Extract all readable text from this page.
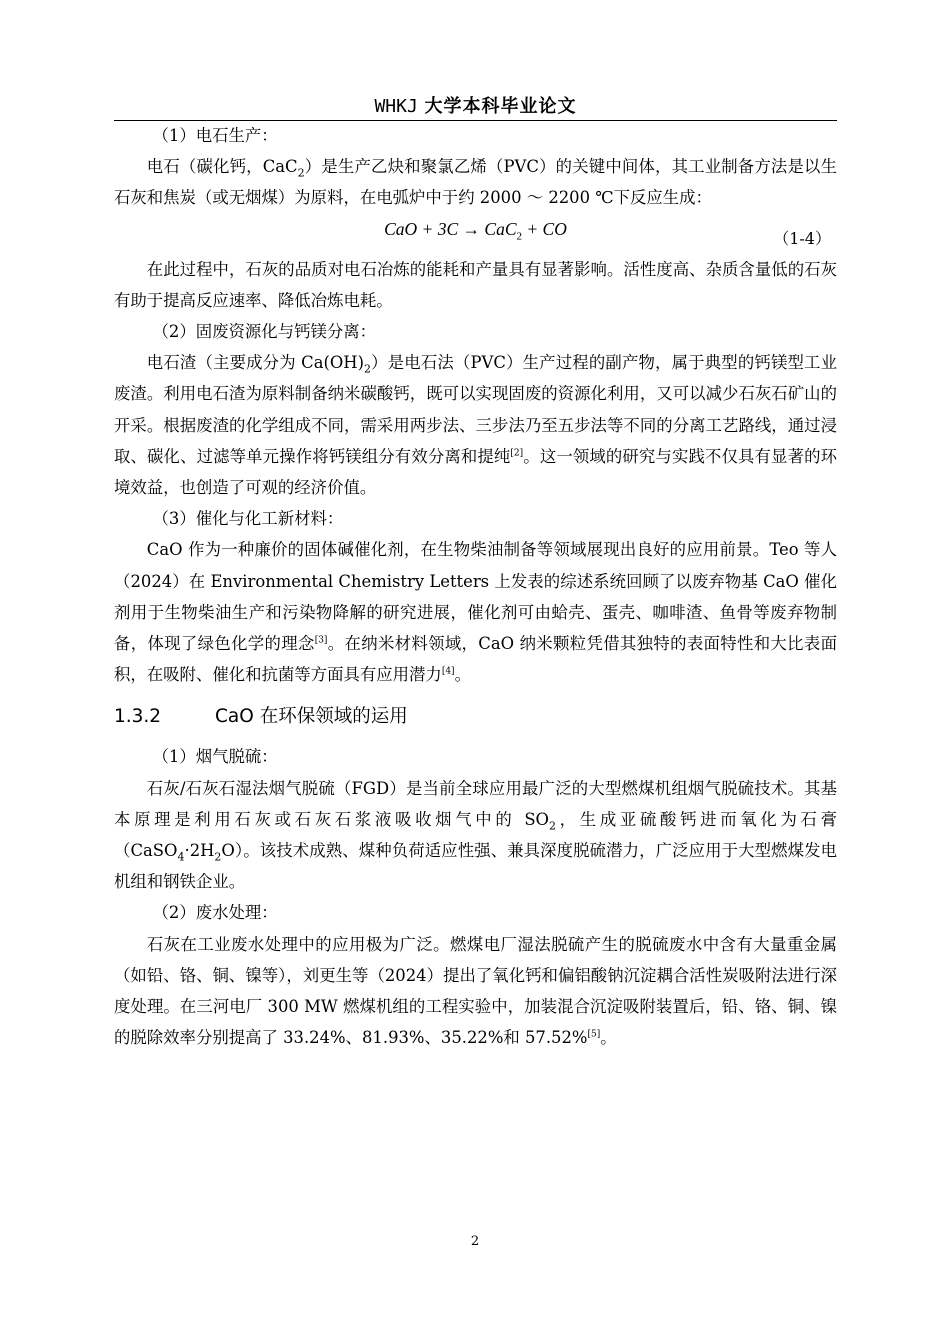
WHKJ 大学本科毕业论文

（1）电石生产：

电石（碳化钙，CaC$_2$）是生产乙炔和聚氯乙烯（PVC）的关键中间体，其工业制备方法是以生石灰和焦炭（或无烟煤）为原料，在电弧炉中于约 2000 ～ 2200 ℃下反应生成：

CaO + 3C → CaC$_2$ + CO	（1-4）

在此过程中，石灰的品质对电石冶炼的能耗和产量具有显著影响。活性度高、杂质含量低的石灰有助于提高反应速率、降低冶炼电耗。

（2）固废资源化与钙镁分离：

电石渣（主要成分为 $Ca(OH)_2$）是电石法（PVC）生产过程的副产物，属于典型的钙镁型工业废渣。利用电石渣为原料制备纳米碳酸钙，既可以实现固废的资源化利用，又可以减少石灰石矿山的开采。根据废渣的化学组成不同，需采用两步法、三步法乃至五步法等不同的分离工艺路线，通过浸取、碳化、过滤等单元操作将钙镁组分有效分离和提纯[2]。这一领域的研究与实践不仅具有显著的环境效益，也创造了可观的经济价值。

（3）催化与化工新材料：

CaO 作为一种廉价的固体碱催化剂，在生物柴油制备等领域展现出良好的应用前景。Teo 等人（2024）在 Environmental Chemistry Letters 上发表的综述系统回顾了以废弃物基 CaO 催化剂用于生物柴油生产和污染物降解的研究进展，催化剂可由蛤壳、蛋壳、咖啡渣、鱼骨等废弃物制备，体现了绿色化学的理念[3]。在纳米材料领域，CaO 纳米颗粒凭借其独特的表面特性和大比表面积，在吸附、催化和抗菌等方面具有应用潜力[4]。

1.3.2	CaO 在环保领域的运用

（1）烟气脱硫：

石灰/石灰石湿法烟气脱硫（FGD）是当前全球应用最广泛的大型燃煤机组烟气脱硫技术。其基本原理是利用石灰或石灰石浆液吸收烟气中的 $SO_2$，生成亚硫酸钙进而氧化为石膏$(CaSO_4\cdot 2H_2O)$。该技术成熟、煤种负荷适应性强、兼具深度脱硫潜力，广泛应用于大型燃煤发电机组和钢铁企业。

（2）废水处理：

石灰在工业废水处理中的应用极为广泛。燃煤电厂湿法脱硫产生的脱硫废水中含有大量重金属（如铅、铬、铜、镍等），刘更生等（2024）提出了氧化钙和偏铝酸钠沉淀耦合活性炭吸附法进行深度处理。在三河电厂 300 MW 燃煤机组的工程实验中，加装混合沉淀吸附装置后，铅、铬、铜、镍的脱除效率分别提高了 33.24%、81.93%、35.22%和 57.52%[5]。

2
